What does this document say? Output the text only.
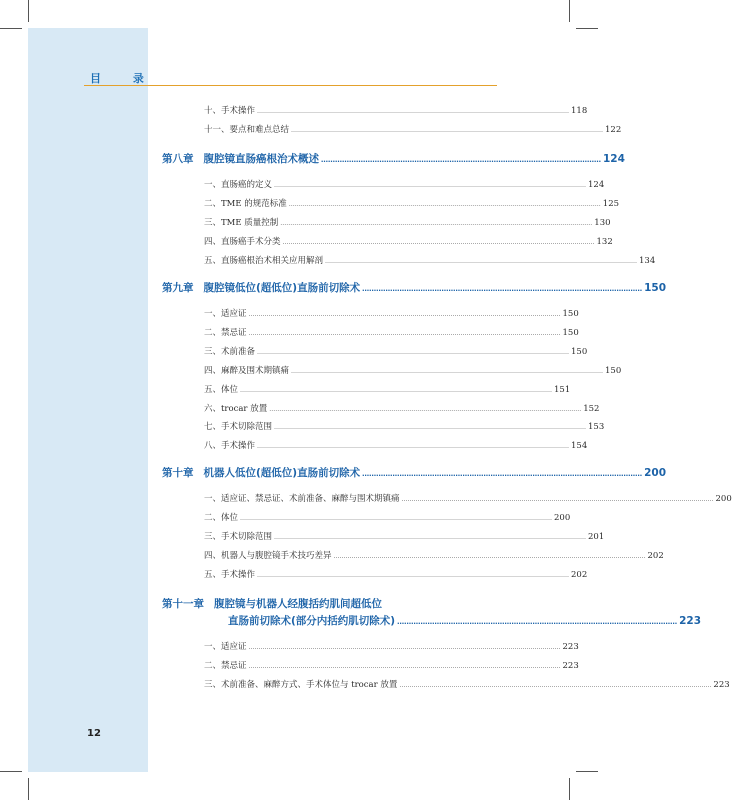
目 录
十、手术操作 ………………………………………………………………………………………………………………………………………… 118
十一、要点和难点总结 ………………………………………………………………………………………………………………………………………… 122
第八章 腹腔镜直肠癌根治术概述 ………………………………………………………………………………………………………… 124
一、直肠癌的定义 ………………………………………………………………………………………………………………………………………… 124
二、TME 的规范标准 ………………………………………………………………………………………………………………………………………… 125
三、TME 质量控制 ………………………………………………………………………………………………………………………………………… 130
四、直肠癌手术分类 ………………………………………………………………………………………………………………………………………… 132
五、直肠癌根治术相关应用解剖 ………………………………………………………………………………………………………………………………………… 134
第九章 腹腔镜低位(超低位)直肠前切除术 ………………………………………………………………………………………………………… 150
一、适应证 ………………………………………………………………………………………………………………………………………… 150
二、禁忌证 ………………………………………………………………………………………………………………………………………… 150
三、术前准备 ………………………………………………………………………………………………………………………………………… 150
四、麻醉及围术期镇痛 ………………………………………………………………………………………………………………………………………… 150
五、体位 ………………………………………………………………………………………………………………………………………… 151
六、trocar 放置 ………………………………………………………………………………………………………………………………………… 152
七、手术切除范围 ………………………………………………………………………………………………………………………………………… 153
八、手术操作 ………………………………………………………………………………………………………………………………………… 154
第十章 机器人低位(超低位)直肠前切除术 ………………………………………………………………………………………………………… 200
一、适应证、禁忌证、术前准备、麻醉与围术期镇痛 ………………………………………………………………………………………………………………………………………… 200
二、体位 ………………………………………………………………………………………………………………………………………… 200
三、手术切除范围 ………………………………………………………………………………………………………………………………………… 201
四、机器人与腹腔镜手术技巧差异 ………………………………………………………………………………………………………………………………………… 202
五、手术操作 ………………………………………………………………………………………………………………………………………… 202
第十一章 腹腔镜与机器人经腹括约肌间超低位
直肠前切除术(部分内括约肌切除术) ………………………………………………………………………………………………………… 223
一、适应证 ………………………………………………………………………………………………………………………………………… 223
二、禁忌证 ………………………………………………………………………………………………………………………………………… 223
三、术前准备、麻醉方式、手术体位与 trocar 放置 ………………………………………………………………………………………………………………………………………… 223
12
